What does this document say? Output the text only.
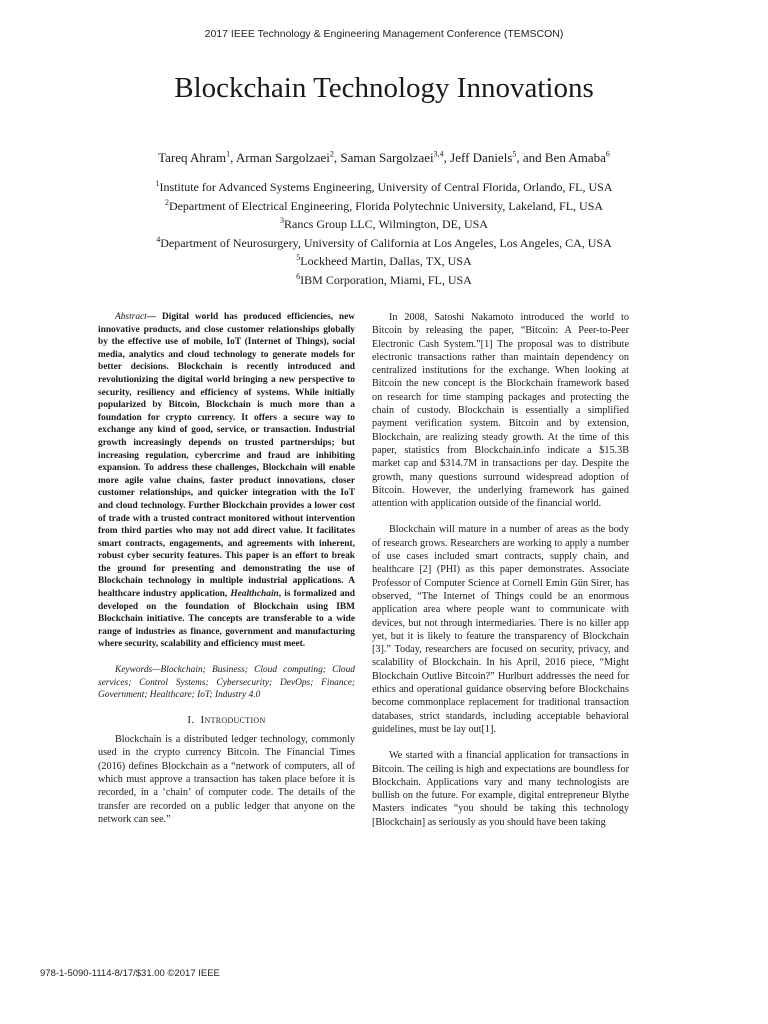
2017 IEEE Technology & Engineering Management Conference (TEMSCON)
Blockchain Technology Innovations
Tareq Ahram$^1$, Arman Sargolzaei$^2$, Saman Sargolzaei$^{3,4}$, Jeff Daniels$^5$, and Ben Amaba$^6$
$^1$Institute for Advanced Systems Engineering, University of Central Florida, Orlando, FL, USA
$^2$Department of Electrical Engineering, Florida Polytechnic University, Lakeland, FL, USA
$^3$Rancs Group LLC, Wilmington, DE, USA
$^4$Department of Neurosurgery, University of California at Los Angeles, Los Angeles, CA, USA
$^5$Lockheed Martin, Dallas, TX, USA
$^6$IBM Corporation, Miami, FL, USA
Abstract— Digital world has produced efficiencies, new innovative products, and close customer relationships globally by the effective use of mobile, IoT (Internet of Things), social media, analytics and cloud technology to generate models for better decisions. Blockchain is recently introduced and revolutionizing the digital world bringing a new perspective to security, resiliency and efficiency of systems. While initially popularized by Bitcoin, Blockchain is much more than a foundation for crypto currency. It offers a secure way to exchange any kind of good, service, or transaction. Industrial growth increasingly depends on trusted partnerships; but increasing regulation, cybercrime and fraud are inhibiting expansion. To address these challenges, Blockchain will enable more agile value chains, faster product innovations, closer customer relationships, and quicker integration with the IoT and cloud technology. Further Blockchain provides a lower cost of trade with a trusted contract monitored without intervention from third parties who may not add direct value. It facilitates smart contracts, engagements, and agreements with inherent, robust cyber security features. This paper is an effort to break the ground for presenting and demonstrating the use of Blockchain technology in multiple industrial applications. A healthcare industry application, Healthchain, is formalized and developed on the foundation of Blockchain using IBM Blockchain initiative. The concepts are transferable to a wide range of industries as finance, government and manufacturing where security, scalability and efficiency must meet.
Keywords—Blockchain; Business; Cloud computing; Cloud services; Control Systems; Cybersecurity; DevOps; Finance; Government; Healthcare; IoT; Industry 4.0
I. Introduction

Blockchain is a distributed ledger technology, commonly used in the crypto currency Bitcoin. The Financial Times (2016) defines Blockchain as a “network of computers, all of which must approve a transaction has taken place before it is recorded, in a ‘chain’ of computer code. The details of the transfer are recorded on a public ledger that anyone on the network can see.”

In 2008, Satoshi Nakamoto introduced the world to Bitcoin by releasing the paper, “Bitcoin: A Peer-to-Peer Electronic Cash System.”[1] The proposal was to distribute electronic transactions rather than maintain dependency on centralized institutions for the exchange. When looking at Bitcoin the new concept is the Blockchain framework based on research for time stamping packages and protecting the chain of custody. Blockchain is essentially a simplified payment verification system. Bitcoin and by extension, Blockchain, are realizing steady growth. At the time of this paper, statistics from Blockchain.info indicate a $15.3B market cap and $314.7M in transactions per day. Despite the growth, many questions surround widespread adoption of Bitcoin. However, the underlying framework has gained attention with application outside of the financial world.

Blockchain will mature in a number of areas as the body of research grows. Researchers are working to apply a number of use cases included smart contracts, supply chain, and healthcare [2] (PHI) as this paper demonstrates. Associate Professor of Computer Science at Cornell Emin Gün Sirer, has observed, “The Internet of Things could be an enormous application area where people want to communicate with devices, but not through intermediaries. There is no killer app yet, but it is likely to feature the transparency of Blockchain [3].” Today, researchers are focused on security, privacy, and scalability of Blockchain. In his April, 2016 piece, “Might Blockchain Outlive Bitcoin?” Hurlburt addresses the need for ethics and operational guidance observing before Blockchains become commonplace replacement for traditional transaction databases, strict standards, including acceptable behavioral guidelines, must be lay out[1].

We started with a financial application for transactions in Bitcoin. The ceiling is high and expectations are boundless for Blockchain. Applications vary and many technologists are bullish on the future. For example, digital entrepreneur Blythe Masters indicates “you should be taking this technology [Blockchain] as seriously as you should have been taking

978-1-5090-1114-8/17/$31.00 ©2017 IEEE
